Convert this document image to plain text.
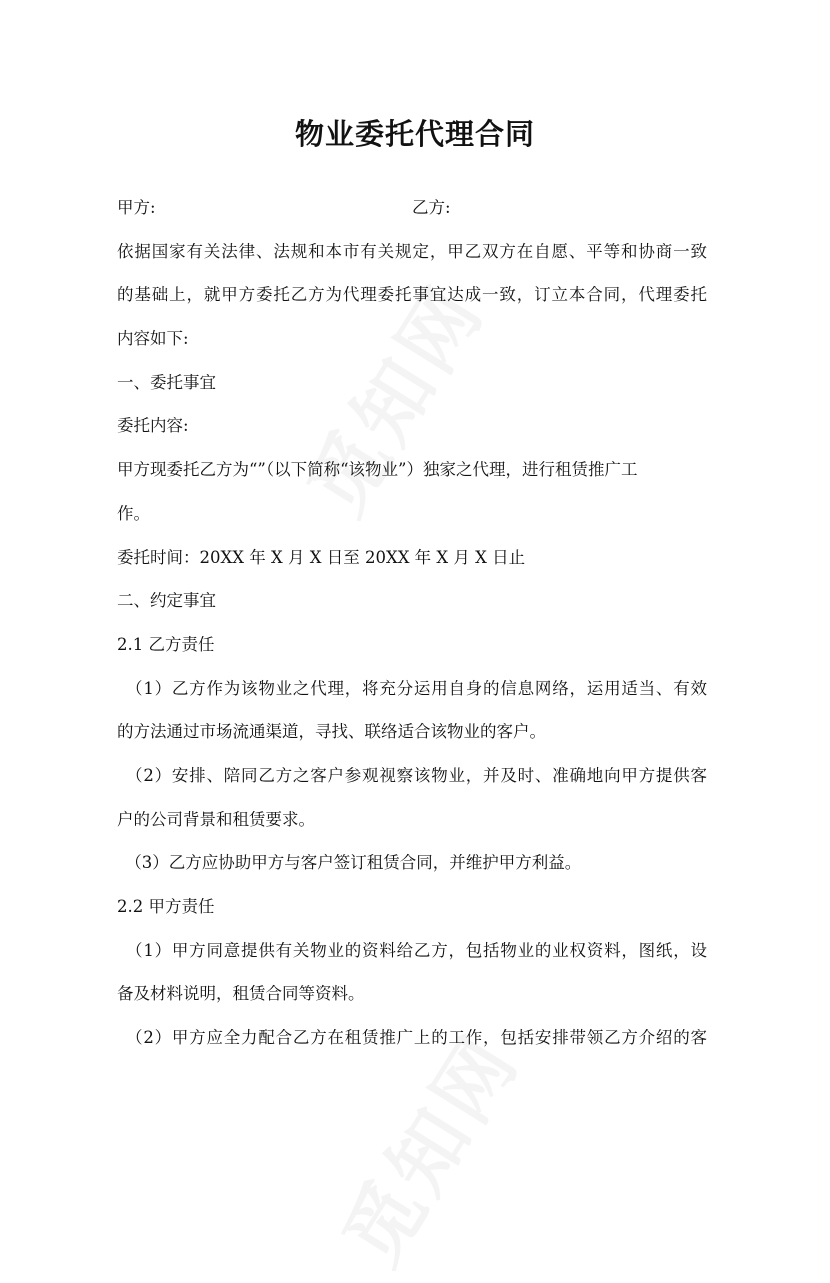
物业委托代理合同
甲方:	乙方:
依据国家有关法律、法规和本市有关规定，甲乙双方在自愿、平等和协商一致
的基础上，就甲方委托乙方为代理委托事宜达成一致，订立本合同，代理委托
内容如下:
一、委托事宜
委托内容:
甲方现委托乙方为“”（以下简称“该物业”）独家之代理，进行租赁推广工
作。
委托时间：20XX 年 X 月 X 日至 20XX 年 X 月 X 日止
二、约定事宜
2.1 乙方责任
　（1）乙方作为该物业之代理，将充分运用自身的信息网络，运用适当、有效
的方法通过市场流通渠道，寻找、联络适合该物业的客户。
　（2）安排、陪同乙方之客户参观视察该物业，并及时、准确地向甲方提供客
户的公司背景和租赁要求。
　（3）乙方应协助甲方与客户签订租赁合同，并维护甲方利益。
2.2 甲方责任
　（1）甲方同意提供有关物业的资料给乙方，包括物业的业权资料，图纸，设
备及材料说明，租赁合同等资料。
　（2）甲方应全力配合乙方在租赁推广上的工作，包括安排带领乙方介绍的客
